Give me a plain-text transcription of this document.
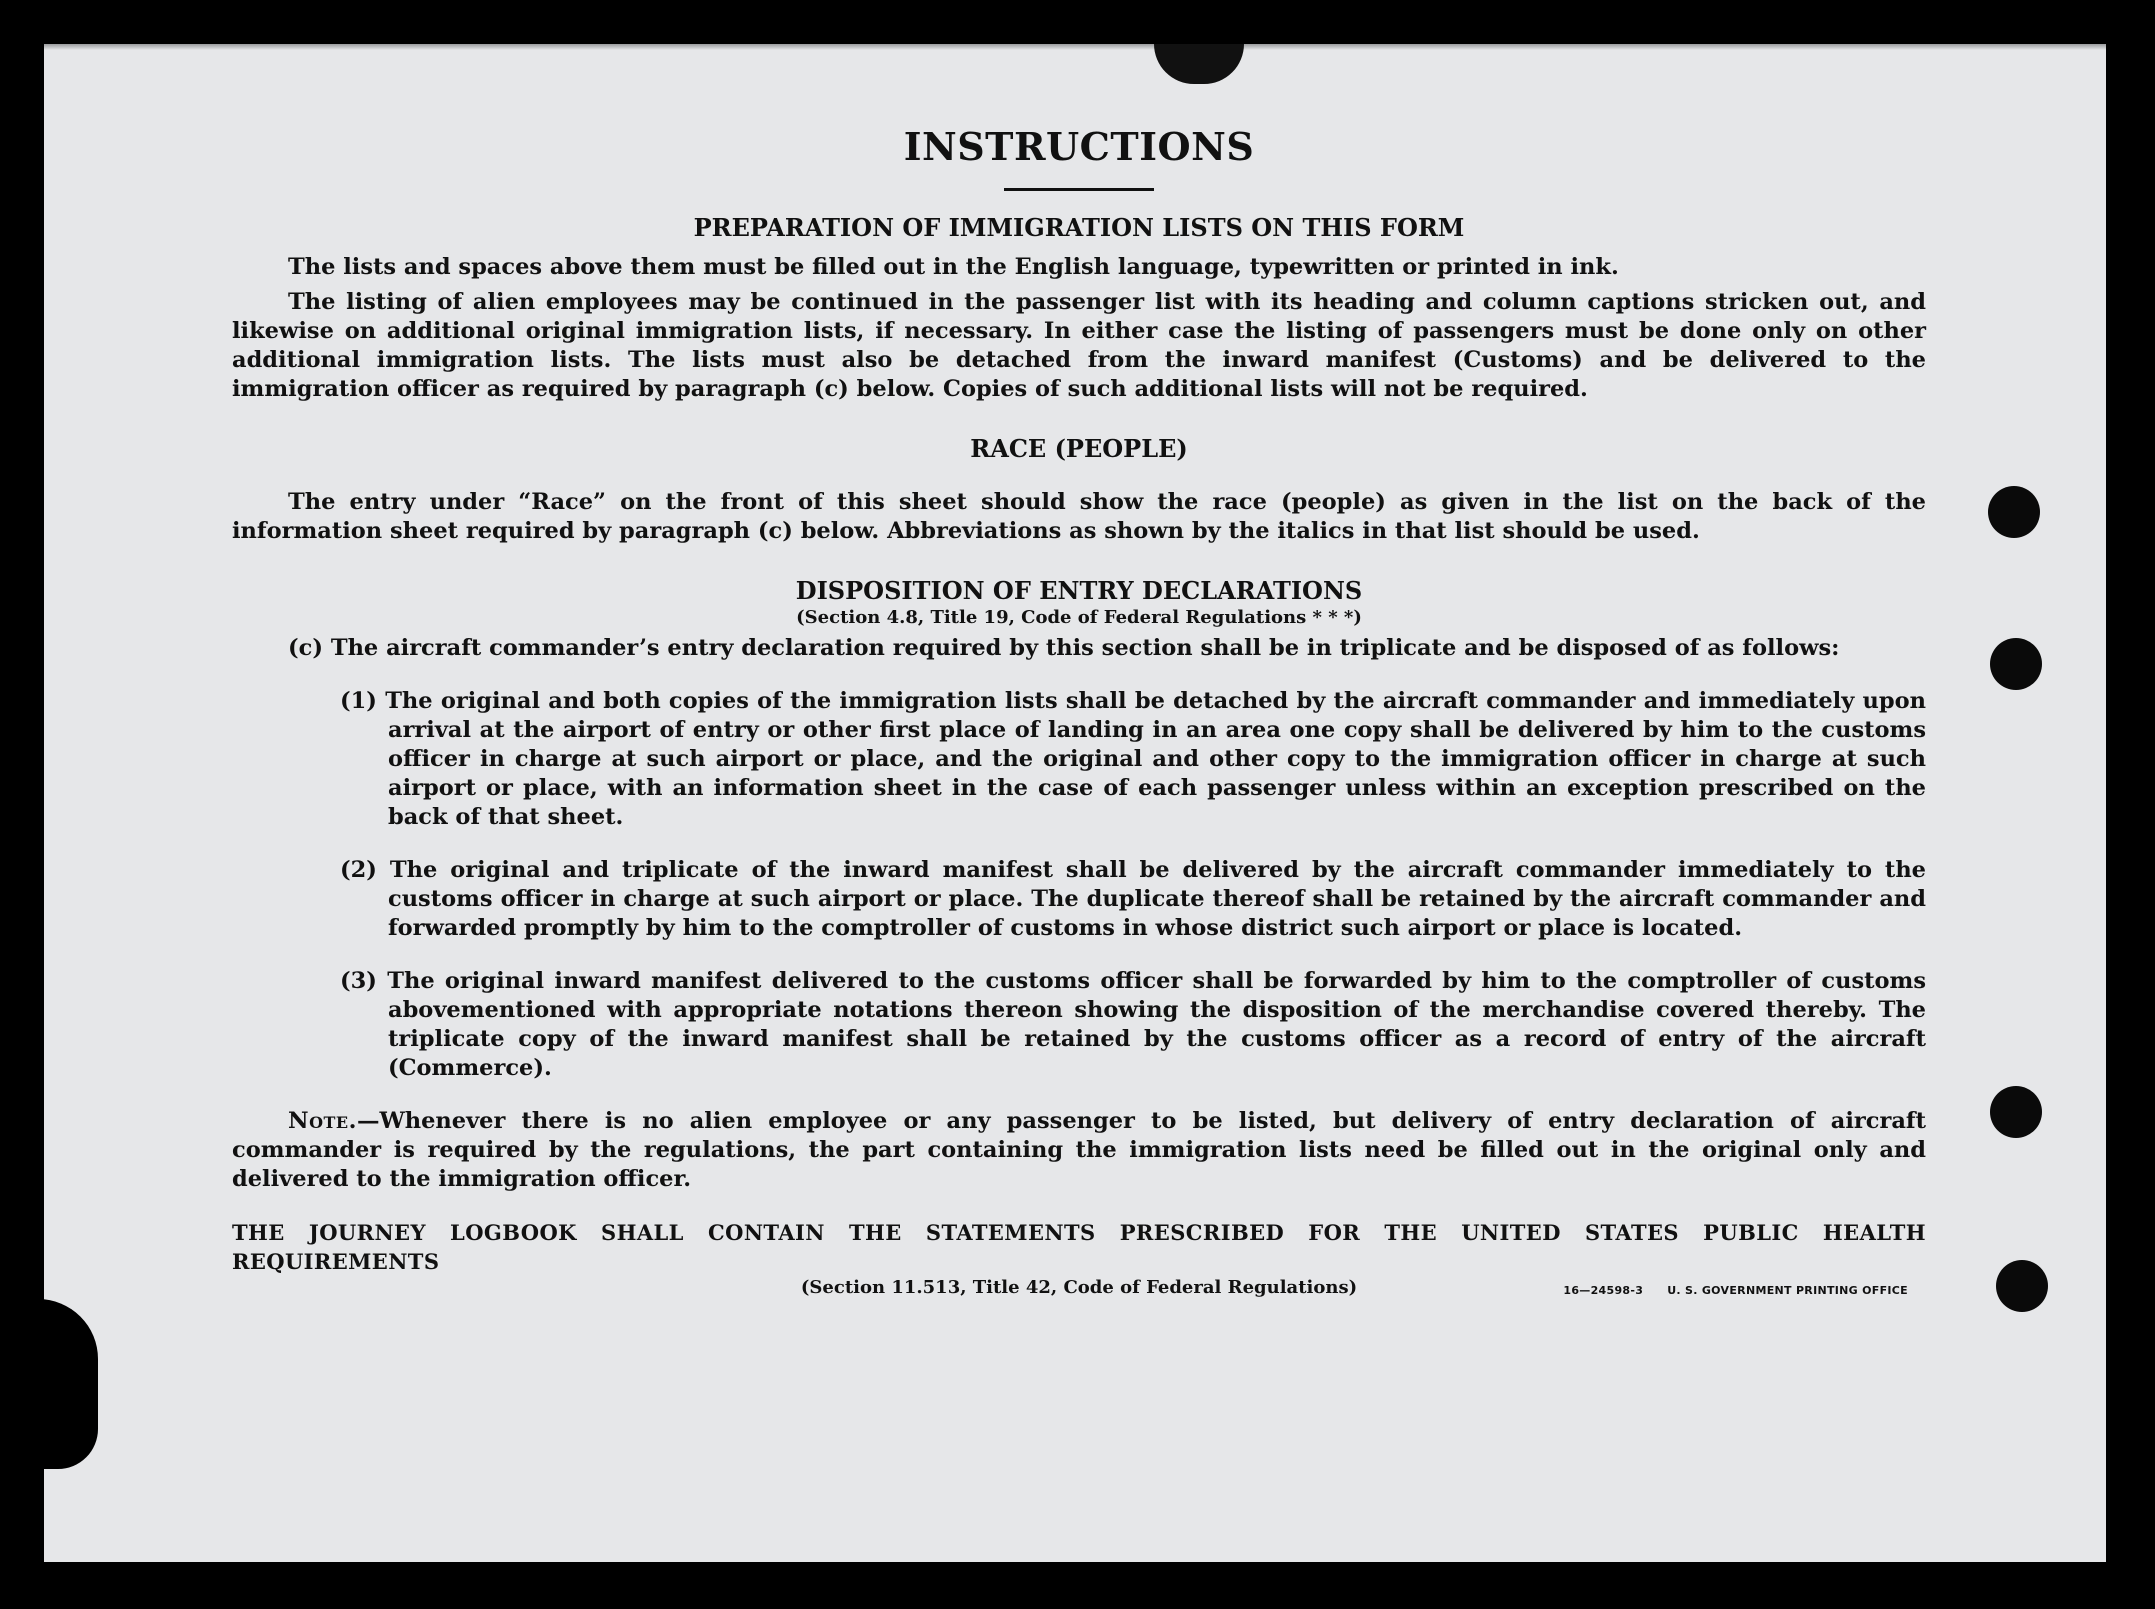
INSTRUCTIONS
PREPARATION OF IMMIGRATION LISTS ON THIS FORM

The lists and spaces above them must be filled out in the English language, typewritten or printed in ink.

The listing of alien employees may be continued in the passenger list with its heading and column captions stricken out, and likewise on additional original immigration lists, if necessary. In either case the listing of passengers must be done only on other additional immigration lists. The lists must also be detached from the inward manifest (Customs) and be delivered to the immigration officer as required by paragraph (c) below. Copies of such additional lists will not be required.

RACE (PEOPLE)

The entry under “Race” on the front of this sheet should show the race (people) as given in the list on the back of the information sheet required by paragraph (c) below. Abbreviations as shown by the italics in that list should be used.

DISPOSITION OF ENTRY DECLARATIONS
(Section 4.8, Title 19, Code of Federal Regulations * * *)

(c) The aircraft commander’s entry declaration required by this section shall be in triplicate and be disposed of as follows:

(1) The original and both copies of the immigration lists shall be detached by the aircraft commander and immediately upon arrival at the airport of entry or other first place of landing in an area one copy shall be delivered by him to the customs officer in charge at such airport or place, and the original and other copy to the immigration officer in charge at such airport or place, with an information sheet in the case of each passenger unless within an exception prescribed on the back of that sheet.

(2) The original and triplicate of the inward manifest shall be delivered by the aircraft commander immediately to the customs officer in charge at such airport or place. The duplicate thereof shall be retained by the aircraft commander and forwarded promptly by him to the comptroller of customs in whose district such airport or place is located.

(3) The original inward manifest delivered to the customs officer shall be forwarded by him to the comptroller of customs abovementioned with appropriate notations thereon showing the disposition of the merchandise covered thereby. The triplicate copy of the inward manifest shall be retained by the customs officer as a record of entry of the aircraft (Commerce).

Note.—Whenever there is no alien employee or any passenger to be listed, but delivery of entry declaration of aircraft commander is required by the regulations, the part containing the immigration lists need be filled out in the original only and delivered to the immigration officer.

THE JOURNEY LOGBOOK SHALL CONTAIN THE STATEMENTS PRESCRIBED FOR THE UNITED STATES PUBLIC HEALTH REQUIREMENTS

(Section 11.513, Title 42, Code of Federal Regulations)	16—24598-3 U. S. GOVERNMENT PRINTING OFFICE
